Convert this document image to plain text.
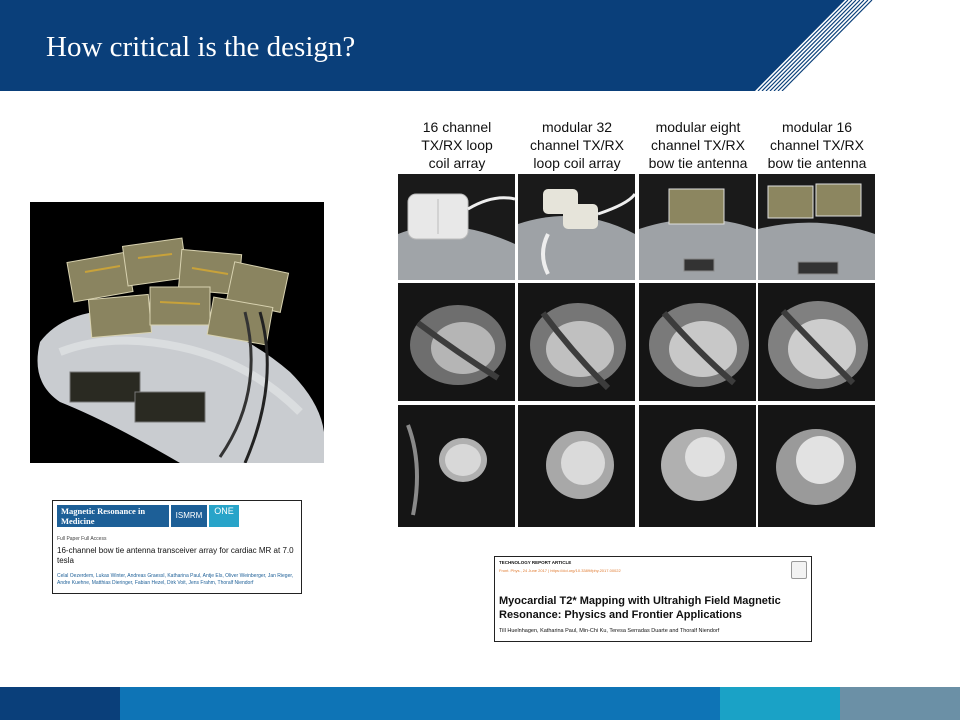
How critical is the design?
Magnetic Resonance in Medicine	ISMRM	ONE
Full Paper Full Access
16-channel bow tie antenna transceiver array for cardiac MR at 7.0 tesla
Celal Oezerdem, Lukas Winter, Andreas Graessl, Katharina Paul, Antje Els, Oliver Weinberger, Jan Rieger, Andre Kuehne, Matthias Dieringer, Fabian Hezel, Dirk Voit, Jens Frahm, Thoralf Niendorf
16 channel
TX/RX loop
coil array
modular 32
channel TX/RX
loop coil array
modular eight
channel TX/RX
bow tie antenna
modular 16
channel TX/RX
bow tie antenna
TECHNOLOGY REPORT ARTICLE
Front. Phys., 24 June 2017 | https://doi.org/10.3389/fphy.2017.00022
Myocardial T2* Mapping with Ultrahigh Field Magnetic Resonance: Physics and Frontier Applications
Till Huelnhagen, Katharina Paul, Min-Chi Ku, Teresa Serradas Duarte and Thoralf Niendorf
